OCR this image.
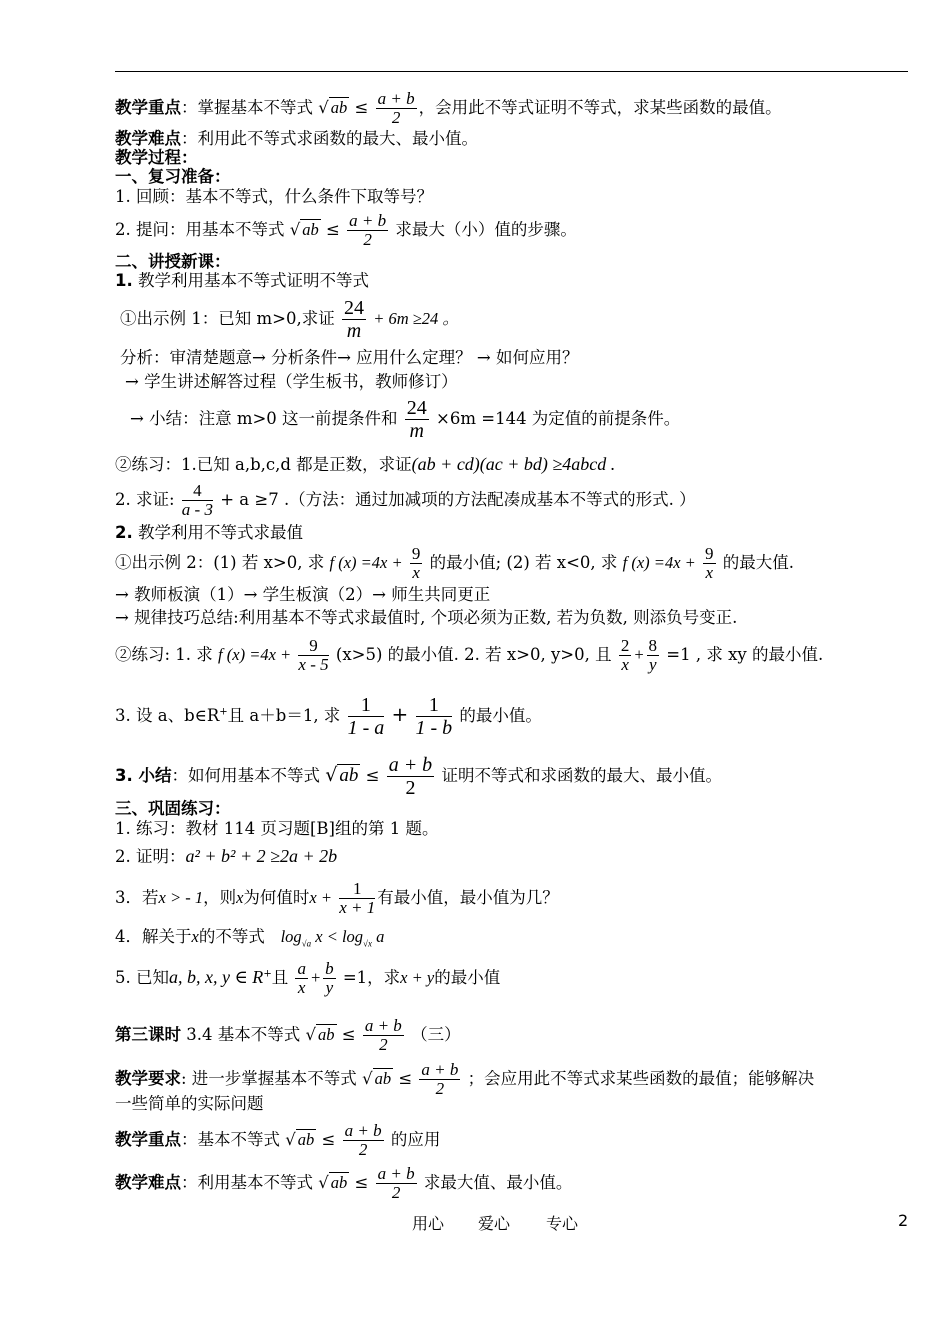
教学重点：掌握基本不等式 √ ab ≤ $\frac{a + b}{2}$ ，会用此不等式证明不等式，求某些函数的最值。
教学难点：利用此不等式求函数的最大、最小值。
教学过程：
一、复习准备：
1. 回顾：基本不等式，什么条件下取等号？
2. 提问：用基本不等式 √ ab ≤ $\frac{a + b}{2}$ 求最大（小）值的步骤。
二、讲授新课：
1. 教学利用基本不等式证明不等式
①出示例 1：已知 m>0,求证 $\frac{24}{m} + 6m \ge 24$ 。
分析：审清楚题意→ 分析条件→ 应用什么定理？ → 如何应用？
→ 学生讲述解答过程（学生板书，教师修订）
→ 小结：注意 m>0 这一前提条件和 $\frac{24}{m} \times 6m =144$ 为定值的前提条件。
②练习：1.已知 a,b,c,d 都是正数，求证(ab + cd)(ac + bd) ≥4abcd .
2. 求证: $\frac{4}{a - 3} + a \ge 7$ .（方法：通过加减项的方法配凑成基本不等式的形式. ）
2. 教学利用不等式求最值
①出示例 2：(1) 若 x>0, 求 f $(x) =4x + \frac{9}{x}$ 的最小值; (2) 若 x<0, 求 f $(x) =4x + \frac{9}{x}$ 的最大值.
→ 教师板演（1）→ 学生板演（2）→ 师生共同更正
→ 规律技巧总结:利用基本不等式求最值时, 个项必须为正数, 若为负数, 则添负号变正.
②练习: 1. 求 f $(x) =4x + \frac{9}{x - 5} (x>5)$ 的最小值. 2. 若 x>0, y>0, 且 $\frac{2}{x} + \frac{8}{y} =1$ , 求 xy 的最小值.
3. 设 a、b∈R+且 a＋b＝1, 求 $\frac{1}{1 - a} + \frac{1}{1 - b}$ 的最小值。
3. 小结：如何用基本不等式 √ ab ≤ $\frac{a + b}{2}$ 证明不等式和求函数的最大、最小值。
三、巩固练习：
1. 练习：教材 114 页习题[B]组的第 1 题。
2. 证明：a² + b² + 2 ≥2a + 2b
3．若x > - 1，则x为何值时$x + \frac{1}{x + 1}$ 有最小值，最小值为几？
4．解关于x的不等式 $\log_{√a} x < \log_{√x} a$
5. 已知a, b, x, y ∈ R+且 $\frac{a}{x} + \frac{b}{y} =1$，求x + y的最小值
第三课时 3.4 基本不等式 √ ab ≤ $\frac{a + b}{2}$ （三）
教学要求: 进一步掌握基本不等式 √ ab ≤ $\frac{a + b}{2}$ ；会应用此不等式求某些函数的最值；能够解决
一些简单的实际问题
教学重点：基本不等式 √ ab ≤ $\frac{a + b}{2}$ 的应用
教学难点：利用基本不等式 √ ab ≤ $\frac{a + b}{2}$ 求最大值、最小值。
用心 爱心 专心	2
